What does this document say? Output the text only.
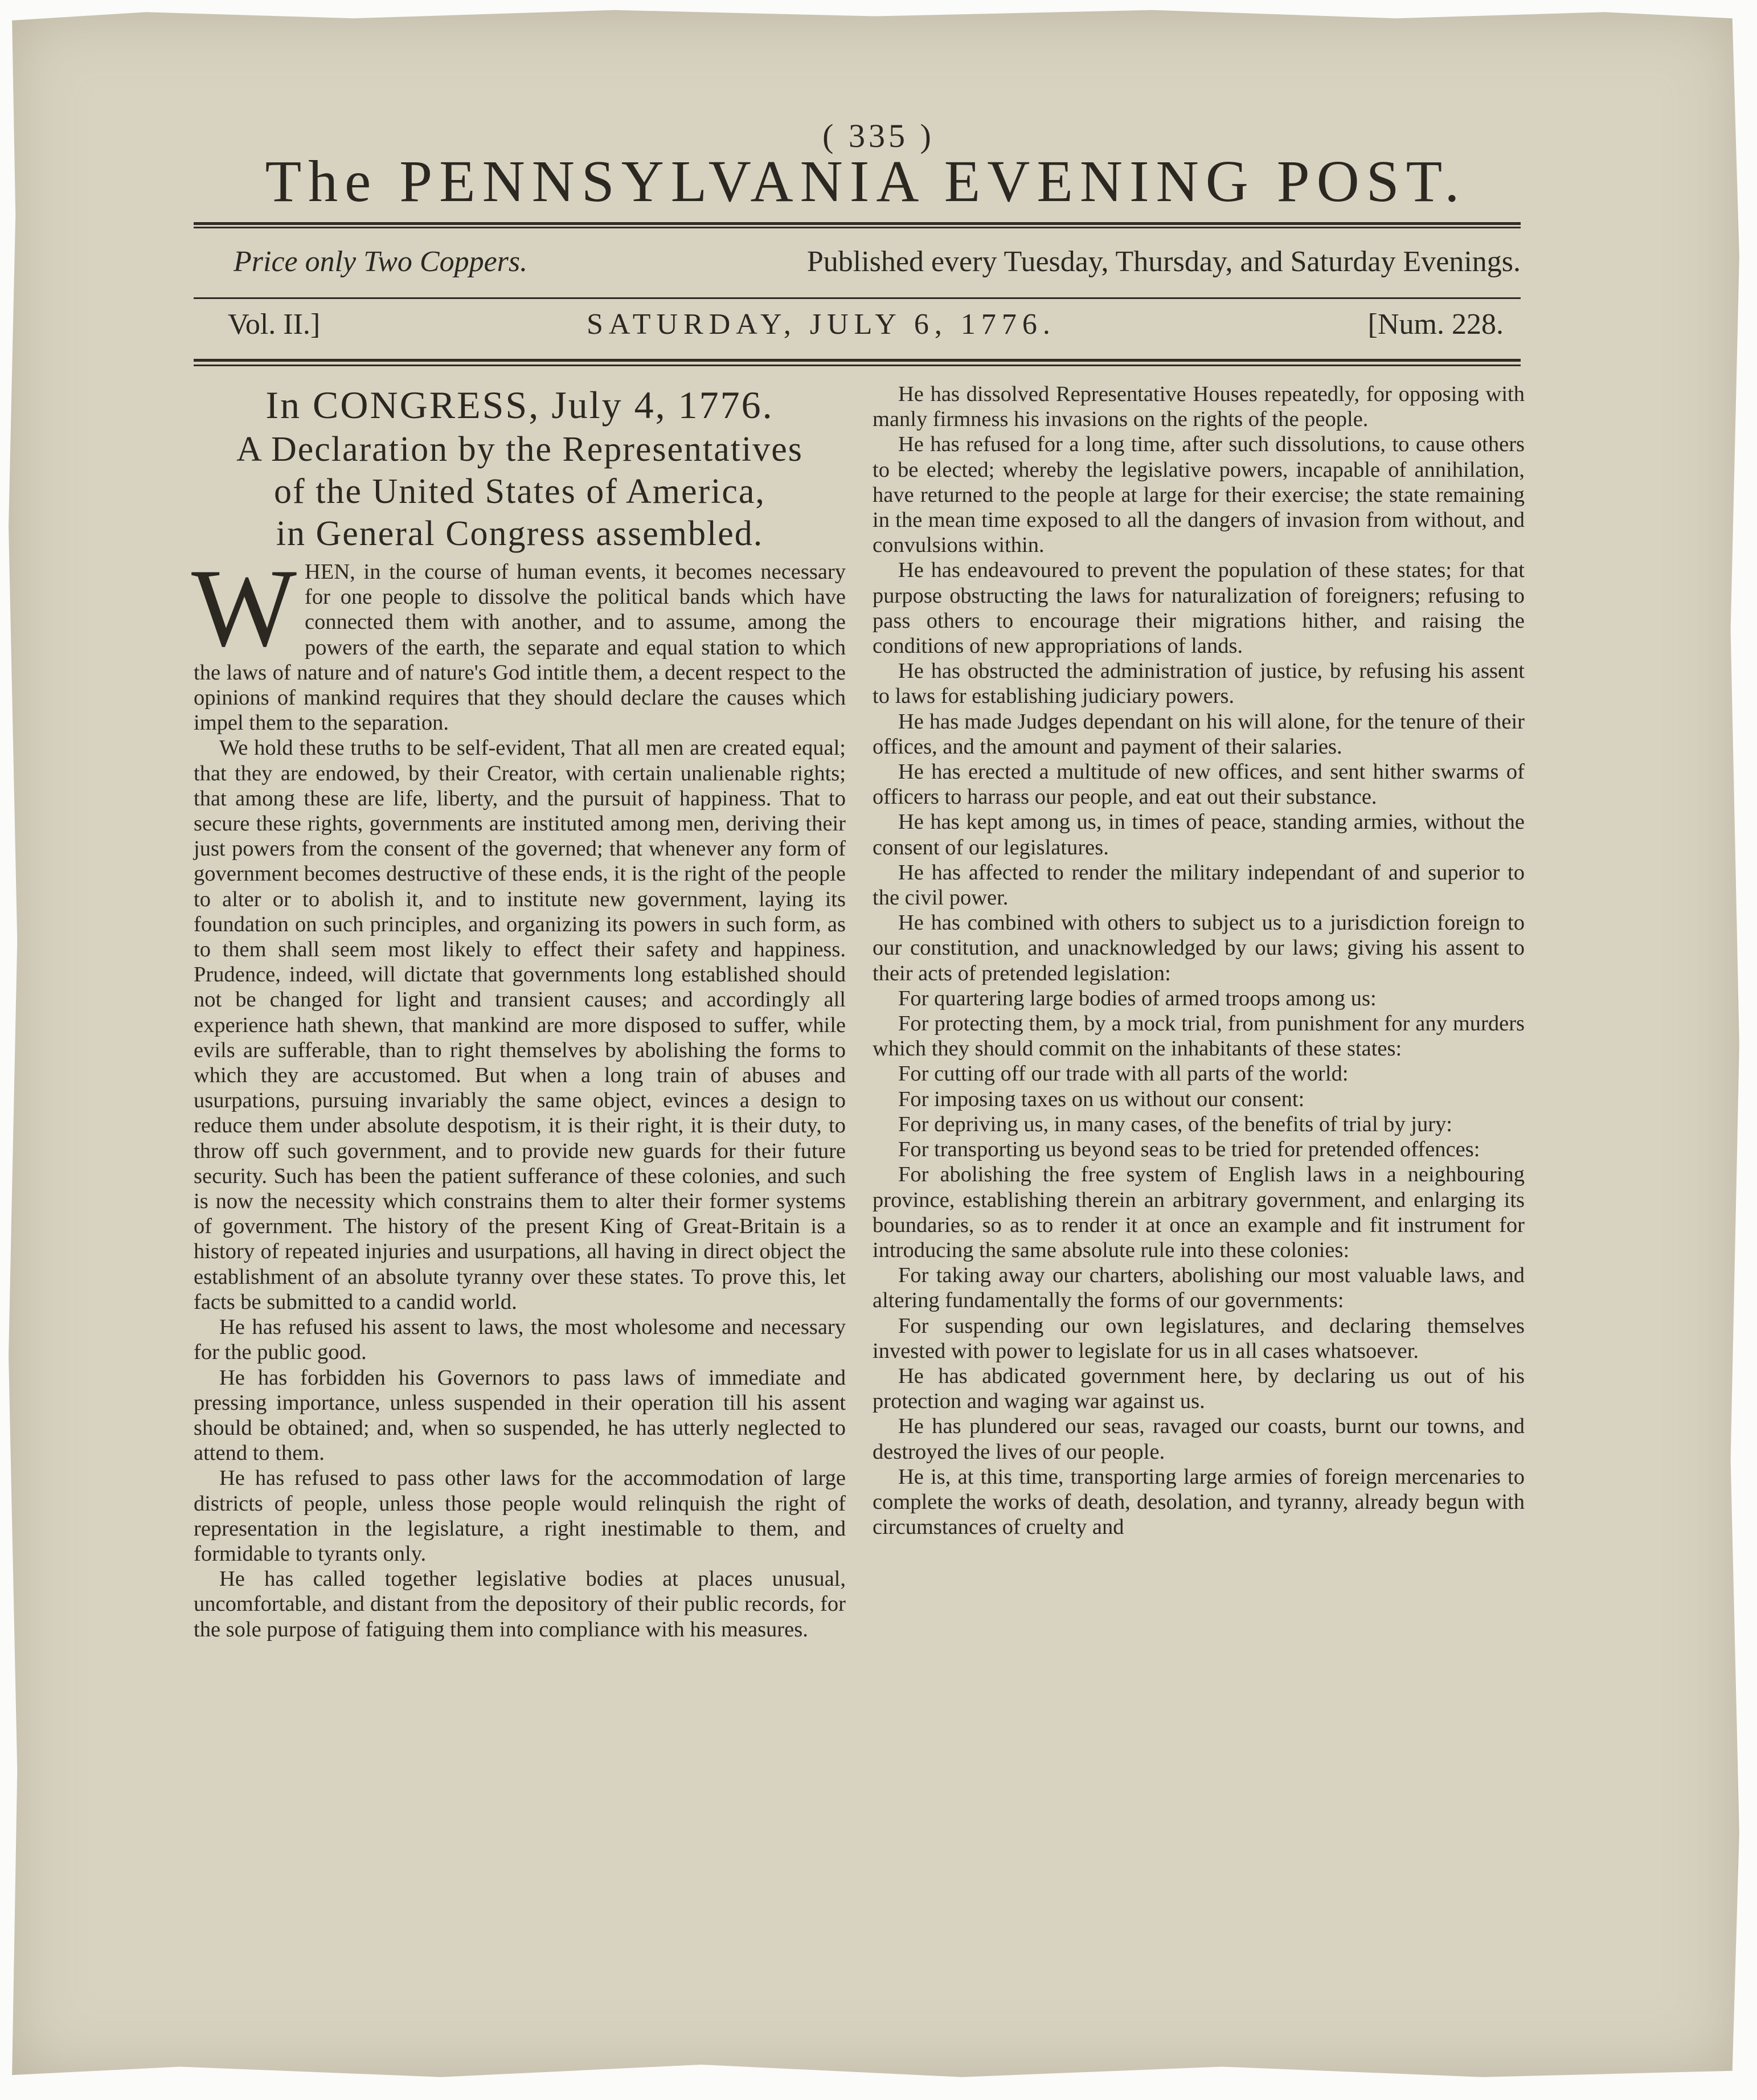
( 335 )
The PENNSYLVANIA EVENING POST.
Price only Two Coppers.	Published every Tuesday, Thursday, and Saturday Evenings.
Vol. II.]	SATURDAY, JULY 6, 1776.	[Num. 228.
In CONGRESS, July 4, 1776.
A Declaration by the Representatives
of the United States of America,
in General Congress assembled.
W HEN, in the course of human events, it becomes necessary for one people to dissolve the political bands which have connected them with another, and to assume, among the powers of the earth, the separate and equal station to which the laws of nature and of nature's God intitle them, a decent respect to the opinions of mankind requires that they should declare the causes which impel them to the separation.

We hold these truths to be self-evident, That all men are created equal; that they are endowed, by their Creator, with certain unalienable rights; that among these are life, liberty, and the pursuit of happiness. That to secure these rights, governments are instituted among men, deriving their just powers from the consent of the governed; that whenever any form of government becomes destructive of these ends, it is the right of the people to alter or to abolish it, and to institute new government, laying its foundation on such principles, and organizing its powers in such form, as to them shall seem most likely to effect their safety and happiness. Prudence, indeed, will dictate that governments long established should not be changed for light and transient causes; and accordingly all experience hath shewn, that mankind are more disposed to suffer, while evils are sufferable, than to right themselves by abolishing the forms to which they are accustomed. But when a long train of abuses and usurpations, pursuing invariably the same object, evinces a design to reduce them under absolute despotism, it is their right, it is their duty, to throw off such government, and to provide new guards for their future security. Such has been the patient sufferance of these colonies, and such is now the necessity which constrains them to alter their former systems of government. The history of the present King of Great-Britain is a history of repeated injuries and usurpations, all having in direct object the establishment of an absolute tyranny over these states. To prove this, let facts be submitted to a candid world.

He has refused his assent to laws, the most wholesome and necessary for the public good.

He has forbidden his Governors to pass laws of immediate and pressing importance, unless suspended in their operation till his assent should be obtained; and, when so suspended, he has utterly neglected to attend to them.

He has refused to pass other laws for the accommodation of large districts of people, unless those people would relinquish the right of representation in the legislature, a right inestimable to them, and formidable to tyrants only.

He has called together legislative bodies at places unusual, uncomfortable, and distant from the depository of their public records, for the sole purpose of fatiguing them into compliance with his measures.

He has dissolved Representative Houses repeatedly, for opposing with manly firmness his invasions on the rights of the people.

He has refused for a long time, after such dissolutions, to cause others to be elected; whereby the legislative powers, incapable of annihilation, have returned to the people at large for their exercise; the state remaining in the mean time exposed to all the dangers of invasion from without, and convulsions within.

He has endeavoured to prevent the population of these states; for that purpose obstructing the laws for naturalization of foreigners; refusing to pass others to encourage their migrations hither, and raising the conditions of new appropriations of lands.

He has obstructed the administration of justice, by refusing his assent to laws for establishing judiciary powers.

He has made Judges dependant on his will alone, for the tenure of their offices, and the amount and payment of their salaries.

He has erected a multitude of new offices, and sent hither swarms of officers to harrass our people, and eat out their substance.

He has kept among us, in times of peace, standing armies, without the consent of our legislatures.

He has affected to render the military independant of and superior to the civil power.

He has combined with others to subject us to a jurisdiction foreign to our constitution, and unacknowledged by our laws; giving his assent to their acts of pretended legislation:

For quartering large bodies of armed troops among us:

For protecting them, by a mock trial, from punishment for any murders which they should commit on the inhabitants of these states:

For cutting off our trade with all parts of the world:

For imposing taxes on us without our consent:

For depriving us, in many cases, of the benefits of trial by jury:

For transporting us beyond seas to be tried for pretended offences:

For abolishing the free system of English laws in a neighbouring province, establishing therein an arbitrary government, and enlarging its boundaries, so as to render it at once an example and fit instrument for introducing the same absolute rule into these colonies:

For taking away our charters, abolishing our most valuable laws, and altering fundamentally the forms of our governments:

For suspending our own legislatures, and declaring themselves invested with power to legislate for us in all cases whatsoever.

He has abdicated government here, by declaring us out of his protection and waging war against us.

He has plundered our seas, ravaged our coasts, burnt our towns, and destroyed the lives of our people.

He is, at this time, transporting large armies of foreign mercenaries to complete the works of death, desolation, and tyranny, already begun with circumstances of cruelty and
